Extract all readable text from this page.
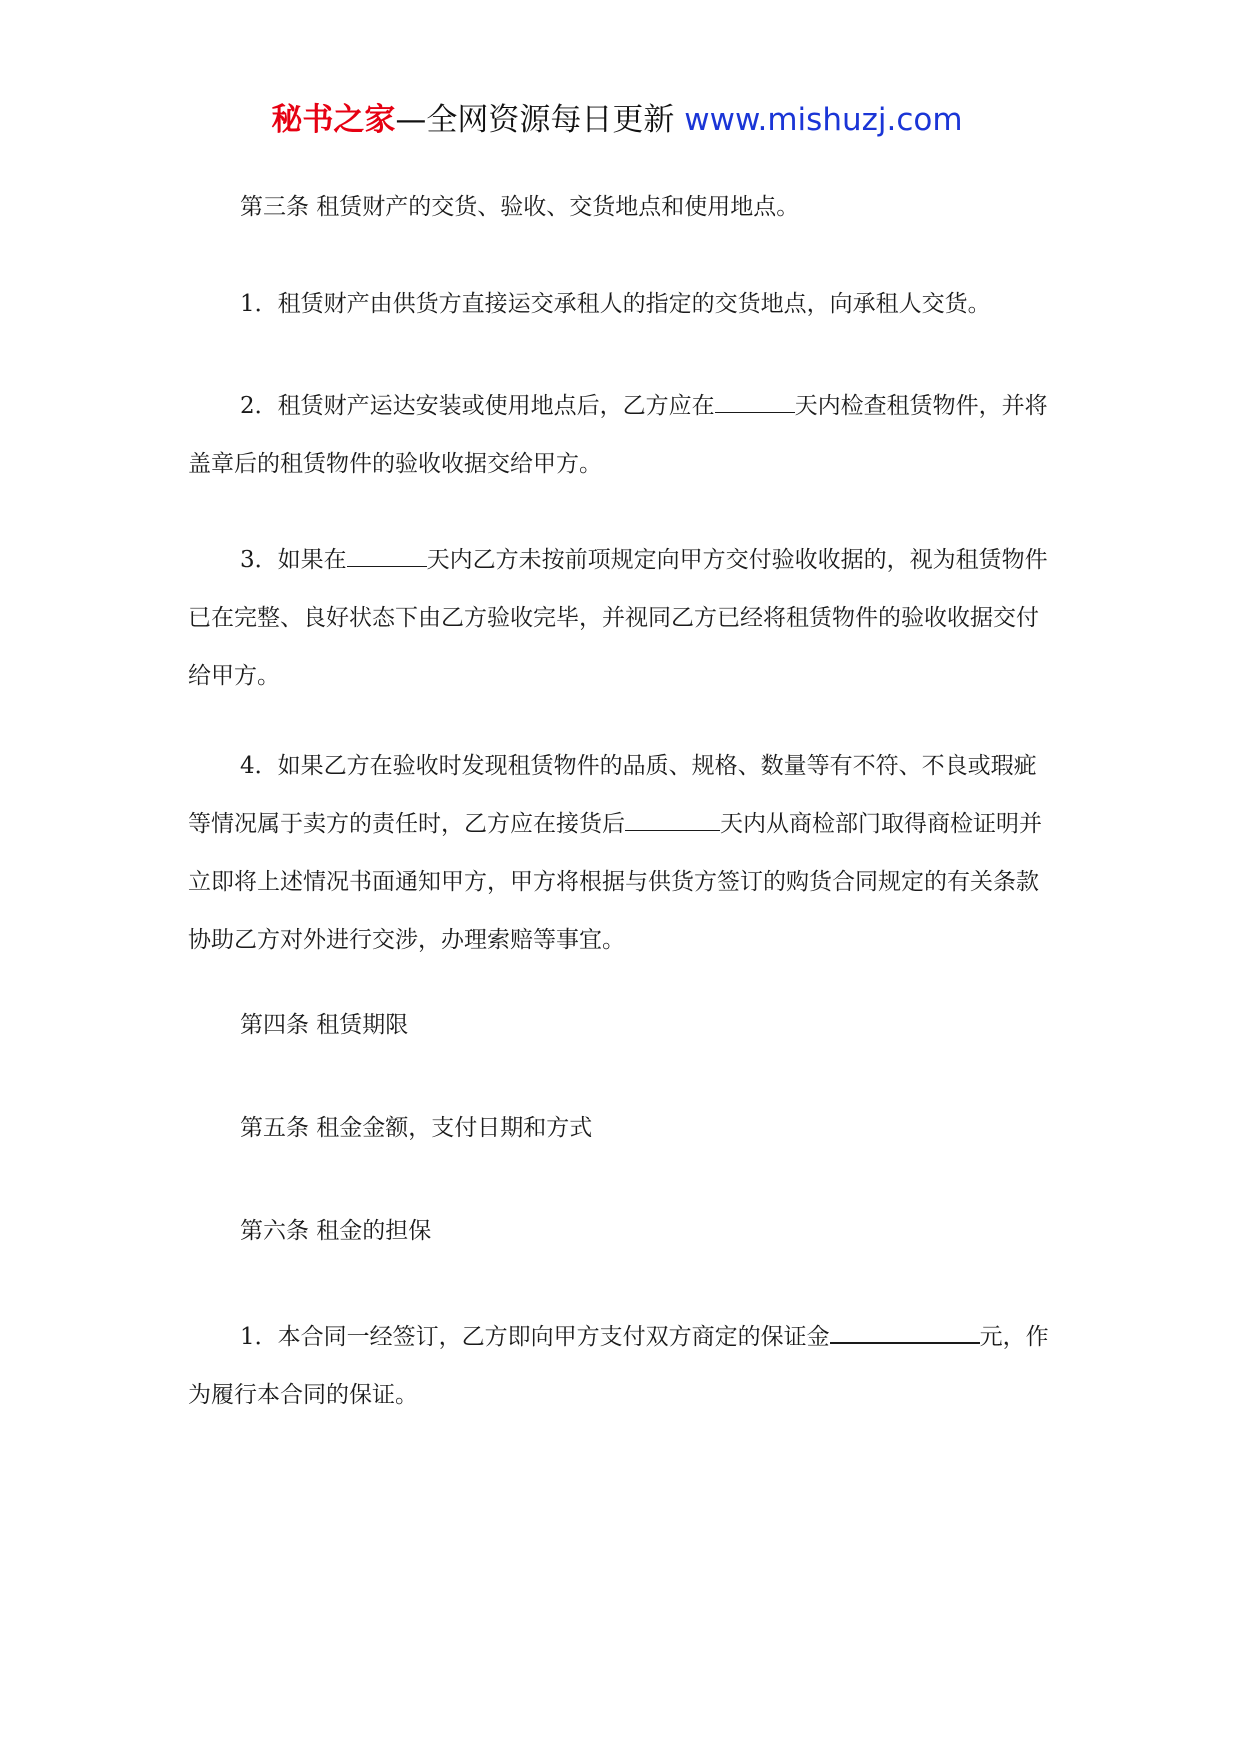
秘书之家—全网资源每日更新 www.mishuzj.com

第三条 租赁财产的交货、验收、交货地点和使用地点。

1．租赁财产由供货方直接运交承租人的指定的交货地点，向承租人交货。

2．租赁财产运达安装或使用地点后，乙方应在	天内检查租赁物件，并将盖章后的租赁物件的验收收据交给甲方。

3．如果在	天内乙方未按前项规定向甲方交付验收收据的，视为租赁物件已在完整、良好状态下由乙方验收完毕，并视同乙方已经将租赁物件的验收收据交付给甲方。

4．如果乙方在验收时发现租赁物件的品质、规格、数量等有不符、不良或瑕疵等情况属于卖方的责任时，乙方应在接货后	天内从商检部门取得商检证明并立即将上述情况书面通知甲方，甲方将根据与供货方签订的购货合同规定的有关条款协助乙方对外进行交涉，办理索赔等事宜。

第四条 租赁期限

第五条 租金金额，支付日期和方式

第六条 租金的担保

1．本合同一经签订，乙方即向甲方支付双方商定的保证金	元，作为履行本合同的保证。
